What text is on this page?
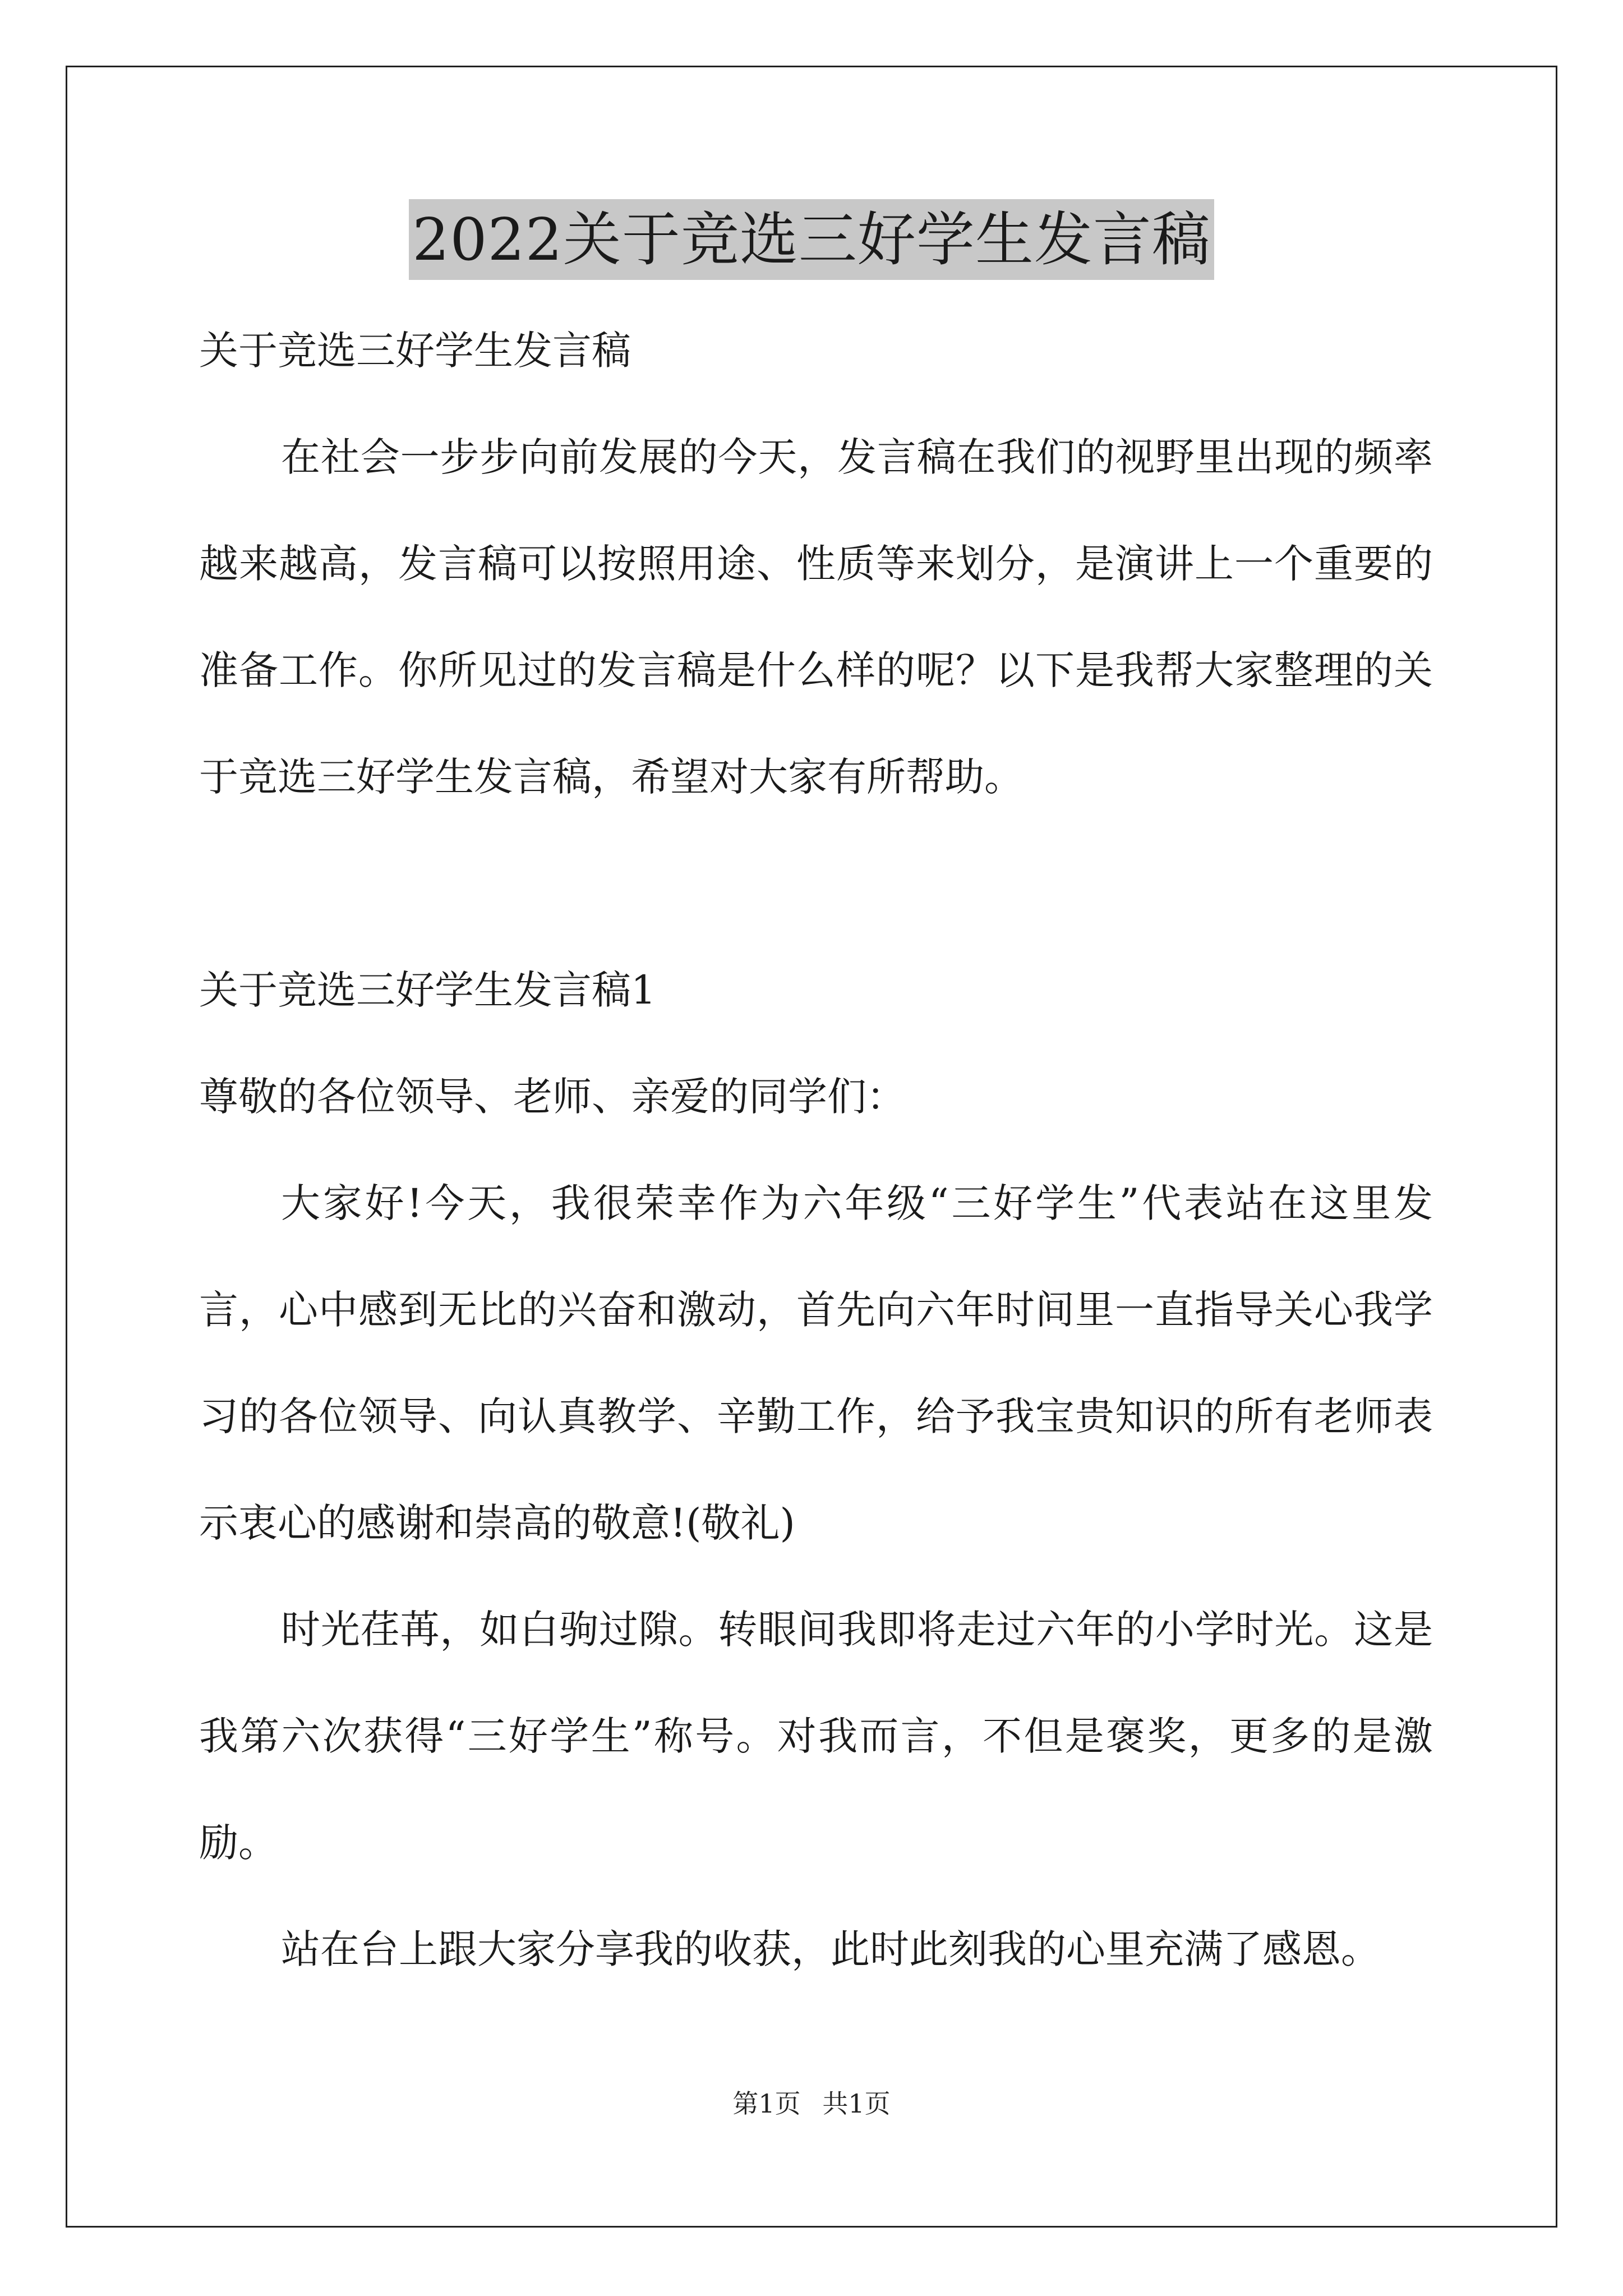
2022关于竞选三好学生发言稿

关于竞选三好学生发言稿

在社会一步步向前发展的今天，发言稿在我们的视野里出现的频率越来越高，发言稿可以按照用途、性质等来划分，是演讲上一个重要的准备工作。你所见过的发言稿是什么样的呢？以下是我帮大家整理的关于竞选三好学生发言稿，希望对大家有所帮助。

关于竞选三好学生发言稿1

尊敬的各位领导、老师、亲爱的同学们：

大家好!今天，我很荣幸作为六年级“三好学生”代表站在这里发言，心中感到无比的兴奋和激动，首先向六年时间里一直指导关心我学习的各位领导、向认真教学、辛勤工作，给予我宝贵知识的所有老师表示衷心的感谢和崇高的敬意!(敬礼)

时光荏苒，如白驹过隙。转眼间我即将走过六年的小学时光。这是我第六次获得“三好学生”称号。对我而言，不但是褒奖，更多的是激励。

站在台上跟大家分享我的收获，此时此刻我的心里充满了感恩。

第1页 共1页
